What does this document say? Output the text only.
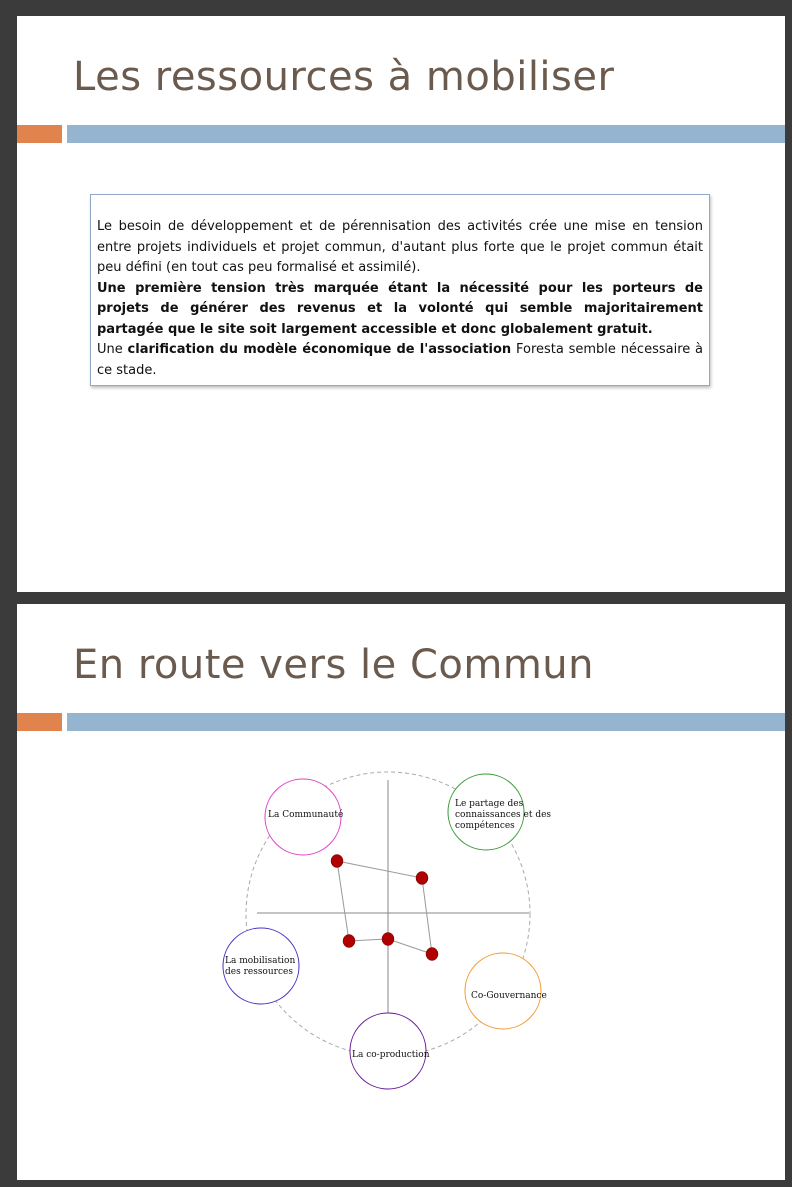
Les ressources à mobiliser

Le besoin de développement et de pérennisation des activités crée une mise en tension entre projets individuels et projet commun, d'autant plus forte que le projet commun était peu défini (en tout cas peu formalisé et assimilé).

Une première tension très marquée étant la nécessité pour les porteurs de projets de générer des revenus et la volonté qui semble majoritairement partagée que le site soit largement accessible et donc globalement gratuit.

Une clarification du modèle économique de l'association Foresta semble nécessaire à ce stade.

En route vers le Commun
La Communauté
Le partage des connaissances et des compétences
La mobilisation des ressources
Co-Gouvernance
La co-production
